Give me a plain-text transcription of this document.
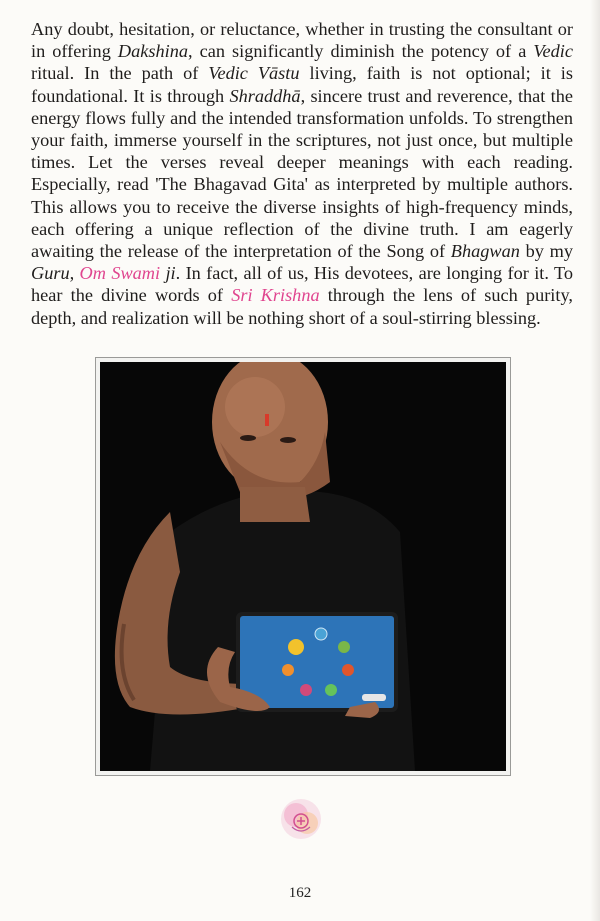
Any doubt, hesitation, or reluctance, whether in trusting the consultant or in offering Dakshina, can significantly diminish the potency of a Vedic ritual. In the path of Vedic Vāstu living, faith is not optional; it is foundational. It is through Shraddhā, sincere trust and reverence, that the energy flows fully and the intended transformation unfolds. To strengthen your faith, immerse yourself in the scriptures, not just once, but multiple times. Let the verses reveal deeper meanings with each reading. Especially, read 'The Bhagavad Gita' as interpreted by multiple authors. This allows you to receive the diverse insights of high-frequency minds, each offering a unique reflection of the divine truth. I am eagerly awaiting the release of the interpretation of the Song of Bhagwan by my Guru, Om Swami ji. In fact, all of us, His devotees, are longing for it. To hear the divine words of Sri Krishna through the lens of such purity, depth, and realization will be nothing short of a soul-stirring blessing.

162
